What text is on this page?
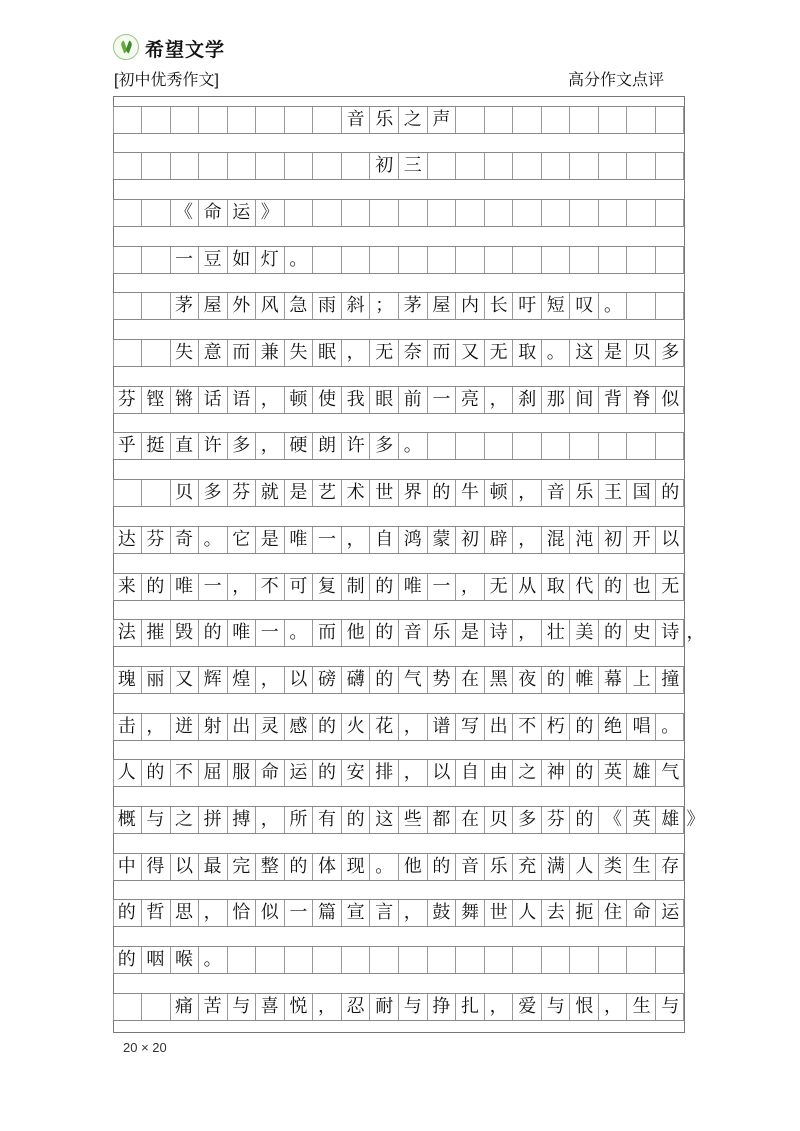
希望文学
[初中优秀作文]	高分作文点评
音乐之声
初三
《命运》
一豆如灯。
茅屋外风急雨斜；茅屋内长吁短叹。
失意而兼失眠，无奈而又无取。这是贝多
芬铿锵话语，顿使我眼前一亮，刹那间背脊似
乎挺直许多，硬朗许多。
贝多芬就是艺术世界的牛顿，音乐王国的
达芬奇。它是唯一，自鸿蒙初辟，混沌初开以
来的唯一，不可复制的唯一，无从取代的也无
法摧毁的唯一。而他的音乐是诗，壮美的史诗
，
瑰丽又辉煌，以磅礴的气势在黑夜的帷幕上撞
击，迸射出灵感的火花，谱写出不朽的绝唱。
人的不屈服命运的安排，以自由之神的英雄气
概与之拼搏，所有的这些都在贝多芬的《英雄
》
中得以最完整的体现。他的音乐充满人类生存
的哲思，恰似一篇宣言，鼓舞世人去扼住命运
的咽喉。
痛苦与喜悦，忍耐与挣扎，爱与恨，生与
20 × 20
